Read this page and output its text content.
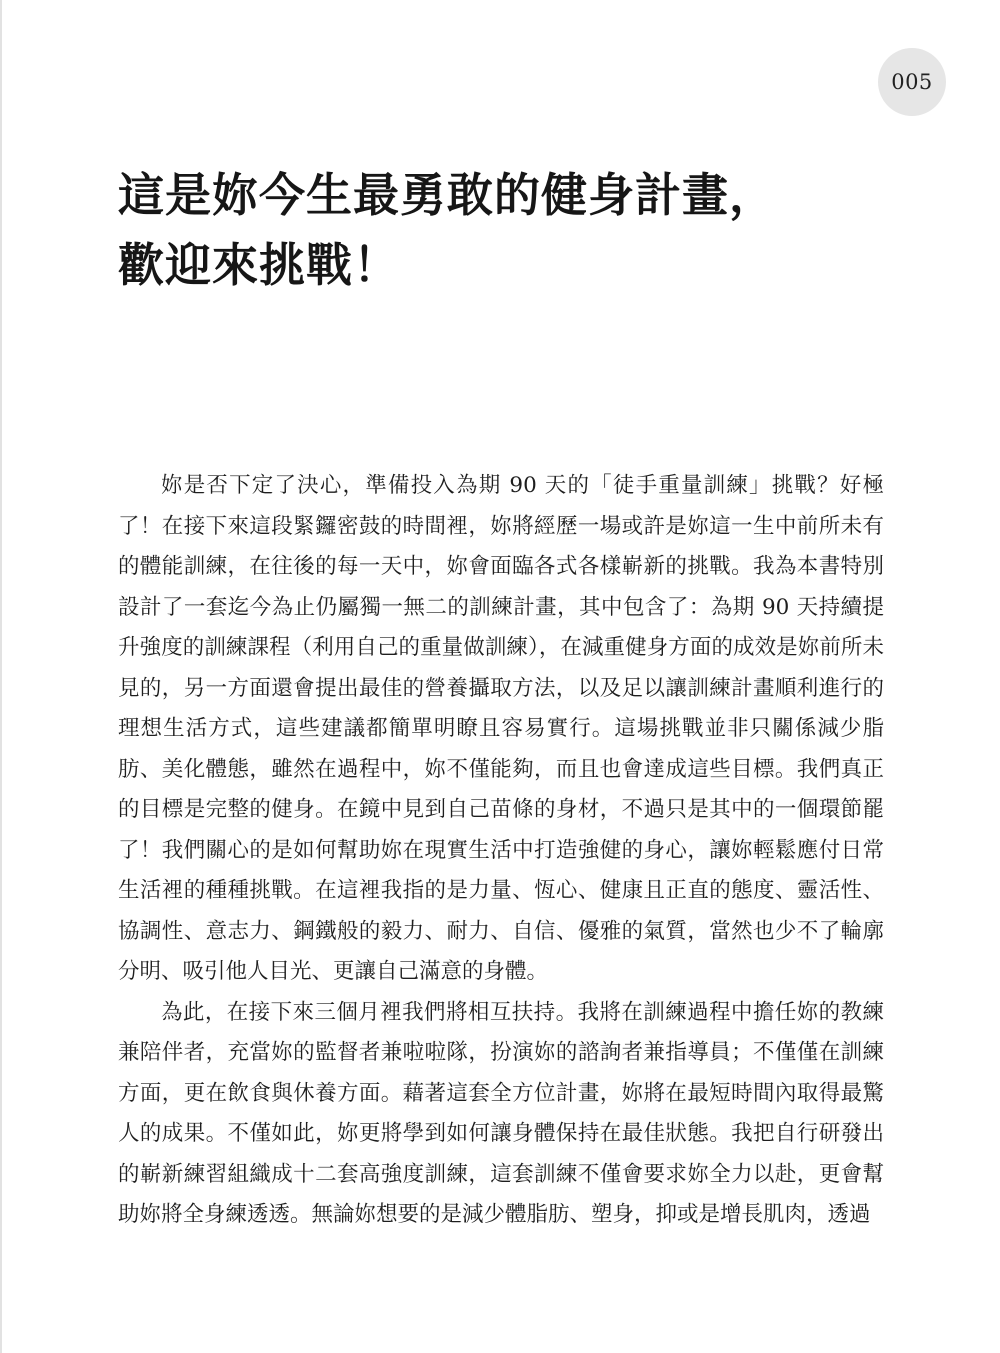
005
這是妳今生最勇敢的健身計畫，
歡迎來挑戰！

妳是否下定了決心，準備投入為期 90 天的「徒手重量訓練」挑戰？好極了！在接下來這段緊鑼密鼓的時間裡，妳將經歷一場或許是妳這一生中前所未有的體能訓練，在往後的每一天中，妳會面臨各式各樣嶄新的挑戰。我為本書特別設計了一套迄今為止仍屬獨一無二的訓練計畫，其中包含了：為期 90 天持續提升強度的訓練課程（利用自己的重量做訓練），在減重健身方面的成效是妳前所未見的，另一方面還會提出最佳的營養攝取方法，以及足以讓訓練計畫順利進行的理想生活方式，這些建議都簡單明瞭且容易實行。這場挑戰並非只關係減少脂肪、美化體態，雖然在過程中，妳不僅能夠，而且也會達成這些目標。我們真正的目標是完整的健身。在鏡中見到自己苗條的身材，不過只是其中的一個環節罷了！我們關心的是如何幫助妳在現實生活中打造強健的身心，讓妳輕鬆應付日常生活裡的種種挑戰。在這裡我指的是力量、恆心、健康且正直的態度、靈活性、協調性、意志力、鋼鐵般的毅力、耐力、自信、優雅的氣質，當然也少不了輪廓分明、吸引他人目光、更讓自己滿意的身體。

為此，在接下來三個月裡我們將相互扶持。我將在訓練過程中擔任妳的教練兼陪伴者，充當妳的監督者兼啦啦隊，扮演妳的諮詢者兼指導員；不僅僅在訓練方面，更在飲食與休養方面。藉著這套全方位計畫，妳將在最短時間內取得最驚人的成果。不僅如此，妳更將學到如何讓身體保持在最佳狀態。我把自行研發出的嶄新練習組織成十二套高強度訓練，這套訓練不僅會要求妳全力以赴，更會幫助妳將全身練透透。無論妳想要的是減少體脂肪、塑身，抑或是增長肌肉，透過
